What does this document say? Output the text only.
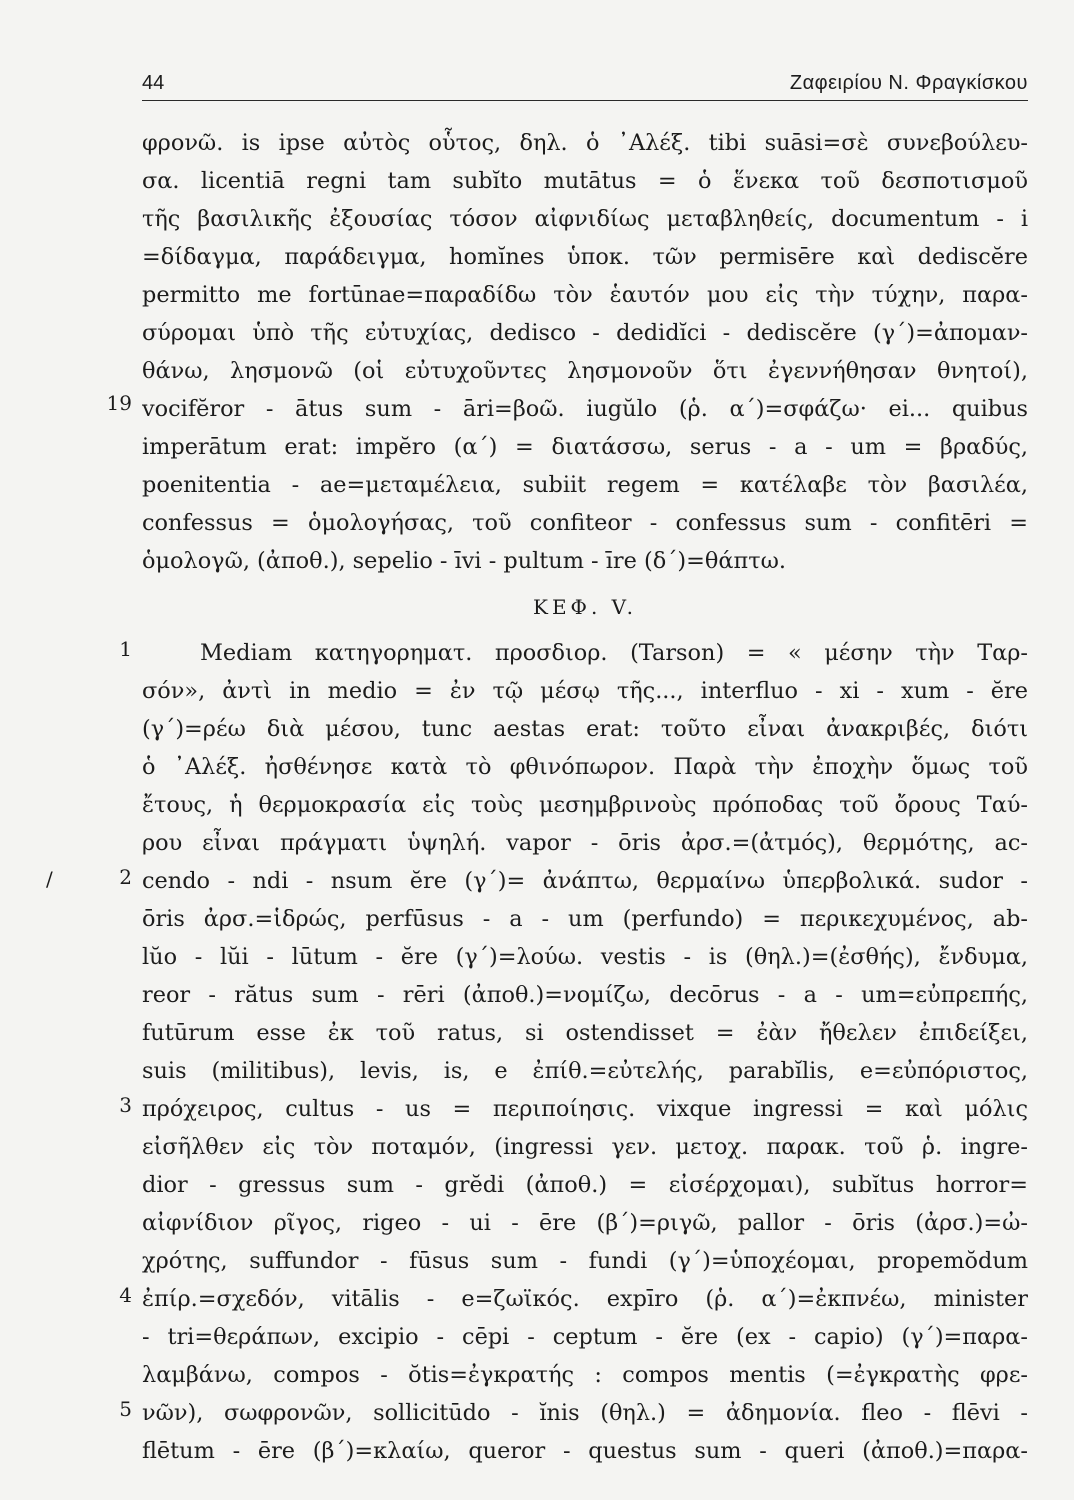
44	Ζαφειρίου Ν. Φραγκίσκου
φρονῶ. is ipse αὐτὸς οὗτος, δηλ. ὁ ᾿Αλέξ. tibi suāsi=σὲ συνεβούλευ-
σα. licentiā regni tam subĭto mutātus = ὁ ἕνεκα τοῦ δεσποτισμοῦ
τῆς βασιλικῆς ἐξουσίας τόσον αἰφνιδίως μεταβληθείς, documentum - i
=δίδαγμα, παράδειγμα, homĭnes ὑποκ. τῶν permisēre καὶ dediscĕre
permitto me fortūnae=παραδίδω τὸν ἑαυτόν μου εἰς τὴν τύχην, παρα-
σύρομαι ὑπὸ τῆς εὐτυχίας, dedisco - dedidĭci - dediscĕre (γ΄)=ἀπομαν-
θάνω, λησμονῶ (οἱ εὐτυχοῦντες λησμονοῦν ὅτι ἐγεννήθησαν θνητοί),
19 vocifĕror - ātus sum - āri=βοῶ. iugŭlo (ῥ. α΄)=σφάζω· ei... quibus
imperātum erat: impĕro (α΄) = διατάσσω, serus - a - um = βραδύς,
poenitentia - ae=μεταμέλεια, subiit regem = κατέλαβε τὸν βασιλέα,
confessus = ὁμολογήσας, τοῦ confiteor - confessus sum - confitēri =
ὁμολογῶ, (ἀποθ.), sepelio - īvi - pultum - īre (δ΄)=θάπτω.
ΚΕΦ. V.
1	Mediam κατηγορηματ. προσδιορ. (Tarson) = « μέσην τὴν Ταρ-
σόν», ἀντὶ in medio = ἐν τῷ μέσῳ τῆς..., interfluo - xi - xum - ĕre
(γ΄)=ρέω διὰ μέσου, tunc aestas erat: τοῦτο εἶναι ἀνακριβές, διότι
ὁ ᾿Αλέξ. ἠσθένησε κατὰ τὸ φθινόπωρον. Παρὰ τὴν ἐποχὴν ὅμως τοῦ
ἔτους, ἡ θερμοκρασία εἰς τοὺς μεσημβρινοὺς πρόποδας τοῦ ὄρους Ταύ-
ρου εἶναι πράγματι ὑψηλή. vapor - ōris ἀρσ.=(ἀτμός), θερμότης, ac-
/	2 cendo - ndi - nsum ĕre (γ΄)= ἀνάπτω, θερμαίνω ὑπερβολικά. sudor -
ōris ἀρσ.=ἱδρώς, perfūsus - a - um (perfundo) = περικεχυμένος, ab-
lŭo - lŭi - lūtum - ĕre (γ΄)=λούω. vestis - is (θηλ.)=(ἐσθής), ἔνδυμα,
reor - rătus sum - rēri (ἀποθ.)=νομίζω, decōrus - a - um=εὐπρεπής,
futūrum esse ἐκ τοῦ ratus, si ostendisset = ἐὰν ἤθελεν ἐπιδείξει,
suis (militibus), levis, is, e ἐπίθ.=εὐτελής, parabĭlis, e=εὐπόριστος,
3 πρόχειρος, cultus - us = περιποίησις. vixque ingressi = καὶ μόλις
εἰσῆλθεν εἰς τὸν ποταμόν, (ingressi γεν. μετοχ. παρακ. τοῦ ῥ. ingre-
dior - gressus sum - grĕdi (ἀποθ.) = εἰσέρχομαι), subĭtus horror=
αἰφνίδιον ρῖγος, rigeo - ui - ēre (β΄)=ριγῶ, pallor - ōris (ἀρσ.)=ὠ-
χρότης, suffundor - fūsus sum - fundi (γ΄)=ὑποχέομαι, propemŏdum
4 ἐπίρ.=σχεδόν, vitālis - e=ζωϊκός. expīro (ῥ. α΄)=ἐκπνέω, minister
- tri=θεράπων, excipio - cēpi - ceptum - ĕre (ex - capio) (γ΄)=παρα-
λαμβάνω, compos - ŏtis=ἐγκρατής : compos mentis (=ἐγκρατὴς φρε-
5 νῶν), σωφρονῶν, sollicitūdo - ĭnis (θηλ.) = ἀδημονία. fleo - flēvi -
flētum - ēre (β΄)=κλαίω, queror - questus sum - queri (ἀποθ.)=παρα-
